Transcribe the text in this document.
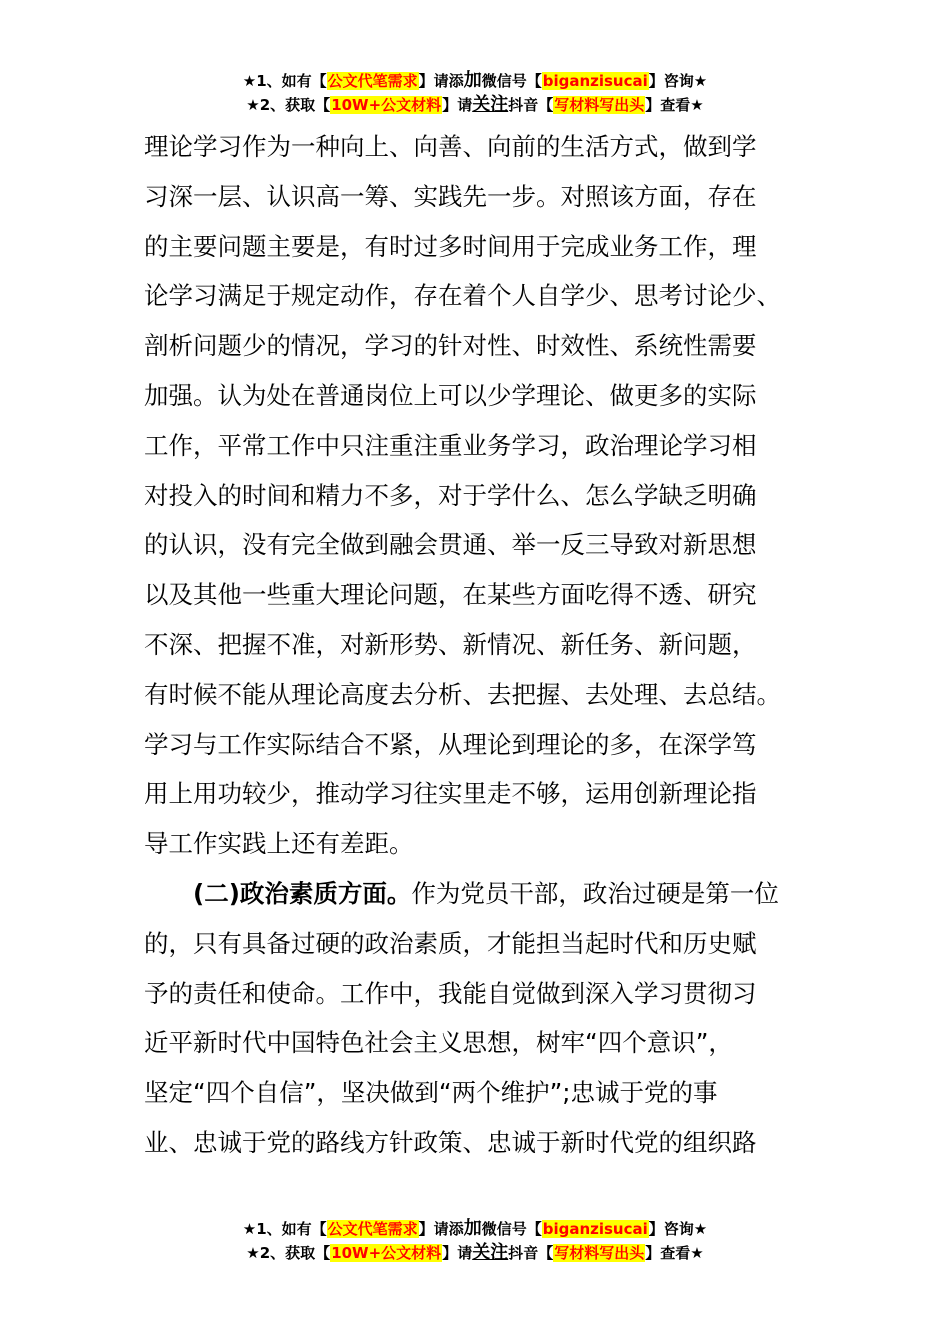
★1、如有【公文代笔需求】请添加微信号【biganzisucai】咨询★
★2、获取【10W+公文材料】请关注抖音【写材料写出头】查看★
理论学习作为一种向上、向善、向前的生活方式，做到学
习深一层、认识高一筹、实践先一步。对照该方面，存在
的主要问题主要是，有时过多时间用于完成业务工作，理
论学习满足于规定动作，存在着个人自学少、思考讨论少、
剖析问题少的情况，学习的针对性、时效性、系统性需要
加强。认为处在普通岗位上可以少学理论、做更多的实际
工作，平常工作中只注重注重业务学习，政治理论学习相
对投入的时间和精力不多，对于学什么、怎么学缺乏明确
的认识，没有完全做到融会贯通、举一反三导致对新思想
以及其他一些重大理论问题，在某些方面吃得不透、研究
不深、把握不准，对新形势、新情况、新任务、新问题，
有时候不能从理论高度去分析、去把握、去处理、去总结。
学习与工作实际结合不紧，从理论到理论的多，在深学笃
用上用功较少，推动学习往实里走不够，运用创新理论指
导工作实践上还有差距。
(二)政治素质方面。作为党员干部，政治过硬是第一位
的，只有具备过硬的政治素质，才能担当起时代和历史赋
予的责任和使命。工作中，我能自觉做到深入学习贯彻习
近平新时代中国特色社会主义思想，树牢“四个意识”，
坚定“四个自信”，坚决做到“两个维护”;忠诚于党的事
业、忠诚于党的路线方针政策、忠诚于新时代党的组织路
★1、如有【公文代笔需求】请添加微信号【biganzisucai】咨询★
★2、获取【10W+公文材料】请关注抖音【写材料写出头】查看★
